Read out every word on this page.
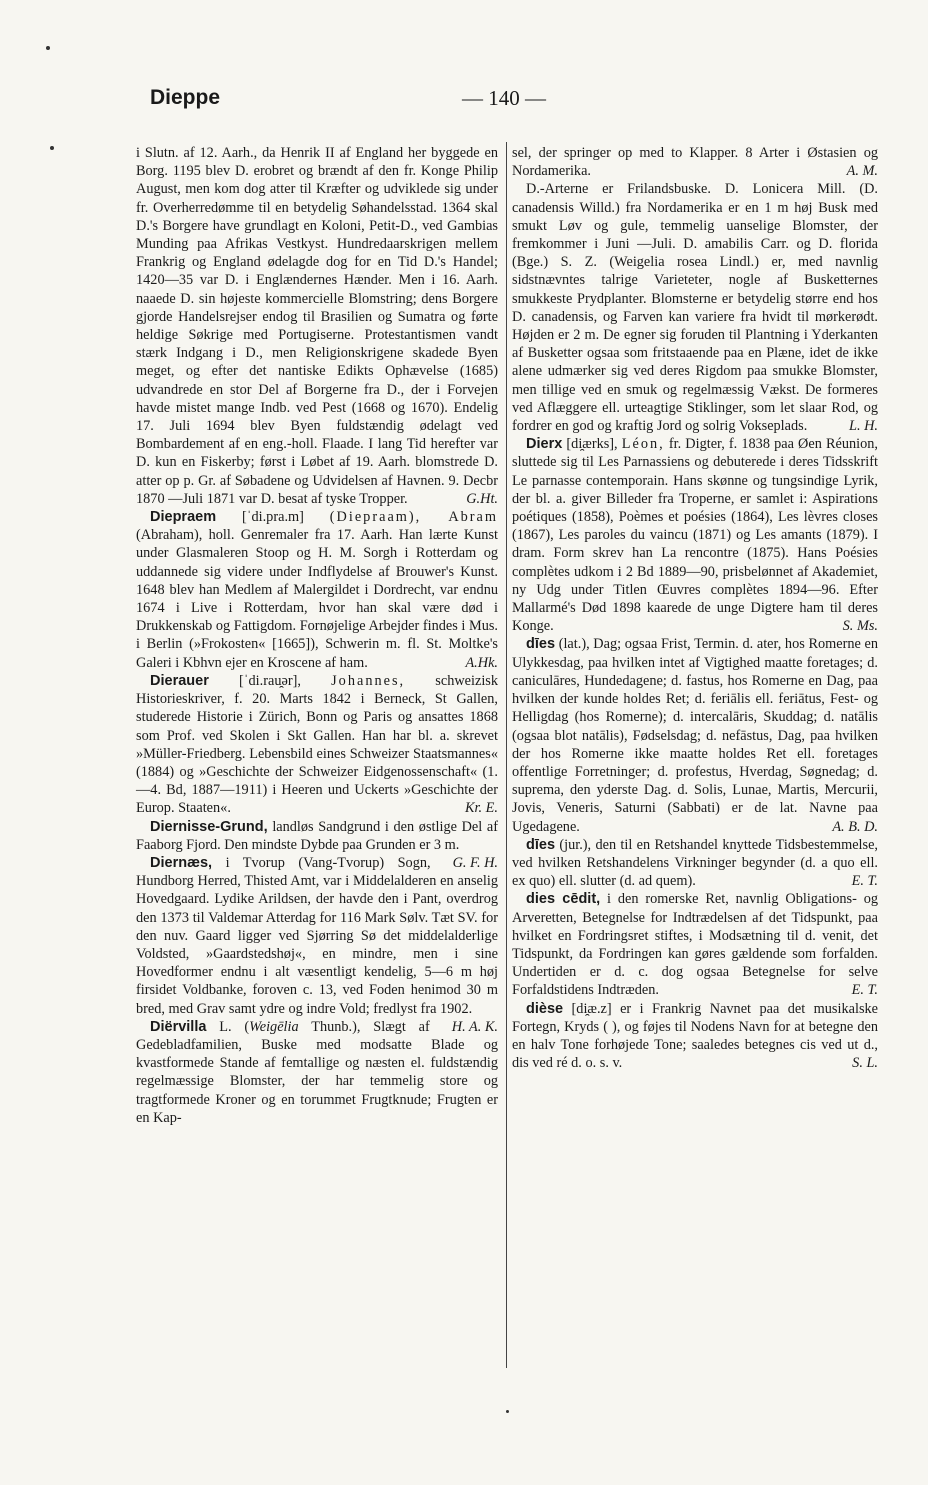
Dieppe	— 140 —

i Slutn. af 12. Aarh., da Henrik II af England her byggede en Borg. 1195 blev D. erobret og brændt af den fr. Konge Philip August, men kom dog atter til Kræfter og udviklede sig under fr. Overherredømme til en betydelig Søhandelsstad. 1364 skal D.'s Borgere have grundlagt en Koloni, Petit-D., ved Gambias Munding paa Afrikas Vestkyst. Hundredaarskrigen mellem Frankrig og England ødelagde dog for en Tid D.'s Handel; 1420—35 var D. i Englændernes Hænder. Men i 16. Aarh. naaede D. sin højeste kommercielle Blomstring; dens Borgere gjorde Handelsrejser endog til Brasilien og Sumatra og førte heldige Søkrige med Portugiserne. Protestantismen vandt stærk Indgang i D., men Religionskrigene skadede Byen meget, og efter det nantiske Edikts Ophævelse (1685) udvandrede en stor Del af Borgerne fra D., der i Forvejen havde mistet mange Indb. ved Pest (1668 og 1670). Endelig 17. Juli 1694 blev Byen fuldstændig ødelagt ved Bombardement af en eng.-holl. Flaade. I lang Tid herefter var D. kun en Fiskerby; først i Løbet af 19. Aarh. blomstrede D. atter op p. Gr. af Søbadene og Udvidelsen af Havnen. 9. Decbr 1870 —Juli 1871 var D. besat af tyske Tropper.	G.Ht.

Diepraem [ˈdi.pra.m] (Diepraam), Abram (Abraham), holl. Genremaler fra 17. Aarh. Han lærte Kunst under Glasmaleren Stoop og H. M. Sorgh i Rotterdam og uddannede sig videre under Indflydelse af Brouwer's Kunst. 1648 blev han Medlem af Malergildet i Dordrecht, var endnu 1674 i Live i Rotterdam, hvor han skal være død i Drukkenskab og Fattigdom. Fornøjelige Arbejder findes i Mus. i Berlin (»Frokosten« [1665]), Schwerin m. fl. St. Moltke's Galeri i Kbhvn ejer en Kroscene af ham.	A.Hk.

Dierauer [ˈdi.rau̯ər], Johannes, schweizisk Historieskriver, f. 20. Marts 1842 i Berneck, St Gallen, studerede Historie i Zürich, Bonn og Paris og ansattes 1868 som Prof. ved Skolen i Skt Gallen. Han har bl. a. skrevet »Müller-Friedberg. Lebensbild eines Schweizer Staatsmannes« (1884) og »Geschichte der Schweizer Eidgenossenschaft« (1.—4. Bd, 1887—1911) i Heeren und Uckerts »Geschichte der Europ. Staaten«.	Kr. E.

Diernisse-Grund, landløs Sandgrund i den østlige Del af Faaborg Fjord. Den mindste Dybde paa Grunden er 3 m.
G. F. H.

Diernæs, i Tvorup (Vang-Tvorup) Sogn, Hundborg Herred, Thisted Amt, var i Middelalderen en anselig Hovedgaard. Lydike Arildsen, der havde den i Pant, overdrog den 1373 til Valdemar Atterdag for 116 Mark Sølv. Tæt SV. for den nuv. Gaard ligger ved Sjørring Sø det middelalderlige Voldsted, »Gaardstedshøj«, en mindre, men i sine Hovedformer endnu i alt væsentligt kendelig, 5—6 m høj firsidet Voldbanke, foroven c. 13, ved Foden henimod 30 m bred, med Grav samt ydre og indre Vold; fredlyst fra 1902.
H. A. K.

Diërvilla L. (Weigēlia Thunb.), Slægt af Gedebladfamilien, Buske med modsatte Blade og kvastformede Stande af femtallige og næsten el. fuldstændig regelmæssige Blomster, der har temmelig store og tragtformede Kroner og en torummet Frugtknude; Frugten er en Kap-

sel, der springer op med to Klapper. 8 Arter i Østasien og Nordamerika.	A. M.

D.-Arterne er Frilandsbuske. D. Lonicera Mill. (D. canadensis Willd.) fra Nordamerika er en 1 m høj Busk med smukt Løv og gule, temmelig uanselige Blomster, der fremkommer i Juni —Juli. D. amabilis Carr. og D. florida (Bge.) S. Z. (Weigelia rosea Lindl.) er, med navnlig sidstnævntes talrige Varieteter, nogle af Busketternes smukkeste Prydplanter. Blomsterne er betydelig større end hos D. canadensis, og Farven kan variere fra hvidt til mørkerødt. Højden er 2 m. De egner sig foruden til Plantning i Yderkanten af Busketter ogsaa som fritstaaende paa en Plæne, idet de ikke alene udmærker sig ved deres Rigdom paa smukke Blomster, men tillige ved en smuk og regelmæssig Vækst. De formeres ved Aflæggere ell. urteagtige Stiklinger, som let slaar Rod, og fordrer en god og kraftig Jord og solrig Vokseplads.	L. H.

Dierx [di̯ærks], Léon, fr. Digter, f. 1838 paa Øen Réunion, sluttede sig til Les Parnassiens og debuterede i deres Tidsskrift Le parnasse contemporain. Hans skønne og tungsindige Lyrik, der bl. a. giver Billeder fra Troperne, er samlet i: Aspirations poétiques (1858), Poèmes et poésies (1864), Les lèvres closes (1867), Les paroles du vaincu (1871) og Les amants (1879). I dram. Form skrev han La rencontre (1875). Hans Poésies complètes udkom i 2 Bd 1889—90, prisbelønnet af Akademiet, ny Udg under Titlen Œuvres complètes 1894—96. Efter Mallarmé's Død 1898 kaarede de unge Digtere ham til deres Konge.	S. Ms.

dīes (lat.), Dag; ogsaa Frist, Termin. d. ater, hos Romerne en Ulykkesdag, paa hvilken intet af Vigtighed maatte foretages; d. caniculāres, Hundedagene; d. fastus, hos Romerne en Dag, paa hvilken der kunde holdes Ret; d. feriālis ell. feriātus, Fest- og Helligdag (hos Romerne); d. intercalāris, Skuddag; d. natālis (ogsaa blot natālis), Fødselsdag; d. nefāstus, Dag, paa hvilken der hos Romerne ikke maatte holdes Ret ell. foretages offentlige Forretninger; d. profestus, Hverdag, Søgnedag; d. suprema, den yderste Dag. d. Solis, Lunae, Martis, Mercurii, Jovis, Veneris, Saturni (Sabbati) er de lat. Navne paa Ugedagene.	A. B. D.

dīes (jur.), den til en Retshandel knyttede Tidsbestemmelse, ved hvilken Retshandelens Virkninger begynder (d. a quo ell. ex quo) ell. slutter (d. ad quem).	E. T.

dies cēdit, i den romerske Ret, navnlig Obligations- og Arveretten, Betegnelse for Indtrædelsen af det Tidspunkt, paa hvilket en Fordringsret stiftes, i Modsætning til d. venit, det Tidspunkt, da Fordringen kan gøres gældende som forfalden. Undertiden er d. c. dog ogsaa Betegnelse for selve Forfaldstidens Indtræden.	E. T.

dièse [di̯æ.z] er i Frankrig Navnet paa det musikalske Fortegn, Kryds ( ), og føjes til Nodens Navn for at betegne den en halv Tone forhøjede Tone; saaledes betegnes cis ved ut d., dis ved ré d. o. s. v.	S. L.
